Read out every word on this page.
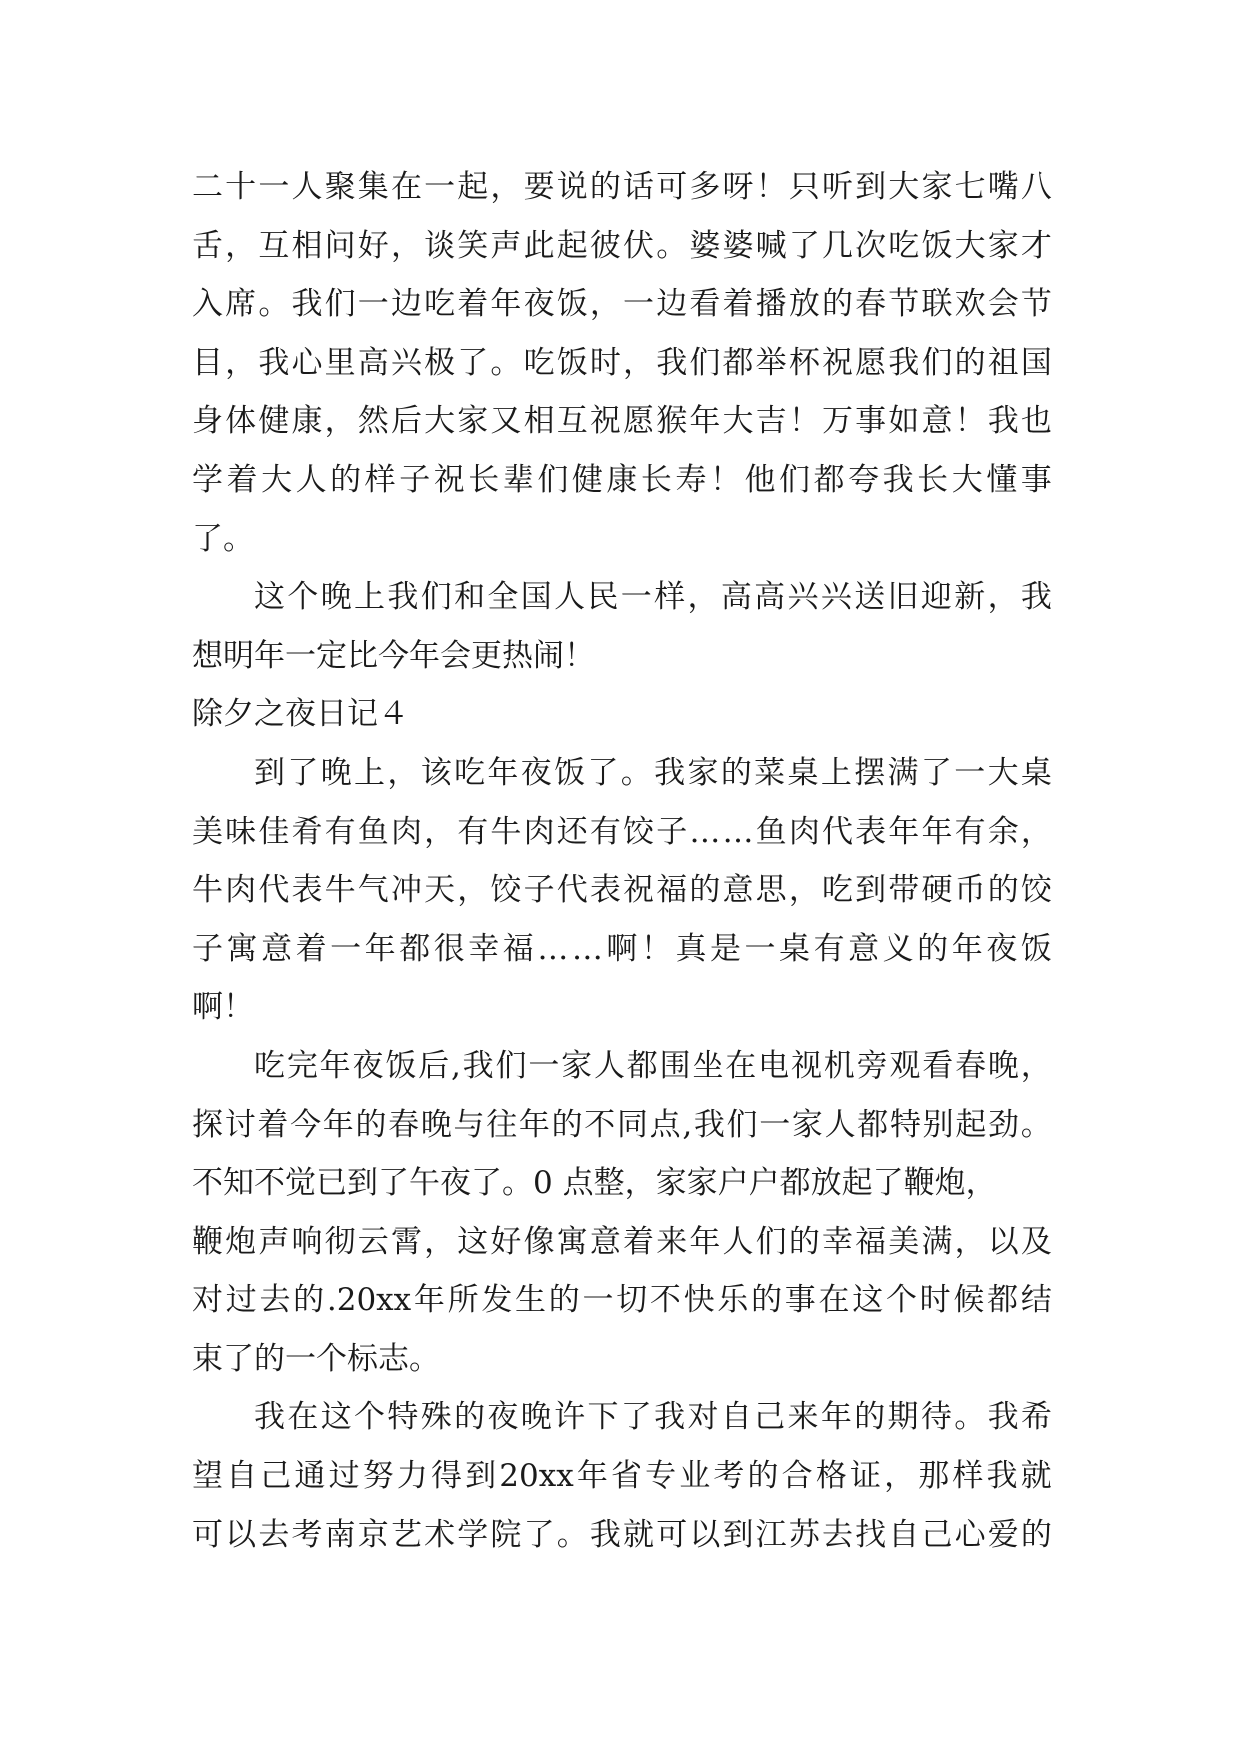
二 十 一 人 聚 集 在 一 起 ， 要 说 的 话 可 多 呀 ！ 只 听 到 大 家 七 嘴 八
舌 ， 互 相 问 好 ， 谈 笑 声 此 起 彼 伏 。 婆 婆 喊 了 几 次 吃 饭 大 家 才
入 席 。 我 们 一 边 吃 着 年 夜 饭 ， 一 边 看 着 播 放 的 春 节 联 欢 会 节
目 ， 我 心 里 高 兴 极 了 。 吃 饭 时 ， 我 们 都 举 杯 祝 愿 我 们 的 祖 国
身 体 健 康 ， 然 后 大 家 又 相 互 祝 愿 猴 年 大 吉 ！ 万 事 如 意 ！ 我 也
学 着 大 人 的 样 子 祝 长 辈 们 健 康 长 寿 ！ 他 们 都 夸 我 长 大 懂 事
了。
这 个 晚 上 我 们 和 全 国 人 民 一 样 ， 高 高 兴 兴 送 旧 迎 新 ， 我
想明年一定比今年会更热闹！
除夕之夜日记４
到 了 晚 上 ， 该 吃 年 夜 饭 了 。 我 家 的 菜 桌 上 摆 满 了 一 大 桌
美 味 佳 肴 有 鱼 肉 ， 有 牛 肉 还 有 饺 子 … … 鱼 肉 代 表 年 年 有 余 ，
牛 肉 代 表 牛 气 冲 天 ， 饺 子 代 表 祝 福 的 意 思 ， 吃 到 带 硬 币 的 饺
子 寓 意 着 一 年 都 很 幸 福 … … 啊 ！ 真 是 一 桌 有 意 义 的 年 夜 饭
啊！
吃 完 年 夜 饭 后 , 我 们 一 家 人 都 围 坐 在 电 视 机 旁 观 看 春 晚 ，
探 讨 着 今 年 的 春 晚 与 往 年 的 不 同 点 , 我 们 一 家 人 都 特 别 起 劲 。
不知不觉已到了午夜了。0 点整，家家户户都放起了鞭炮，
鞭 炮 声 响 彻 云 霄 ， 这 好 像 寓 意 着 来 年 人 们 的 幸 福 美 满 ， 以 及
对 过 去 的 .20xx 年 所 发 生 的 一 切 不 快 乐 的 事 在 这 个 时 候 都 结
束了的一个标志。
我 在 这 个 特 殊 的 夜 晚 许 下 了 我 对 自 己 来 年 的 期 待 。 我 希
望 自 己 通 过 努 力 得 到 20xx 年 省 专 业 考 的 合 格 证 ， 那 样 我 就
可 以 去 考 南 京 艺 术 学 院 了 。 我 就 可 以 到 江 苏 去 找 自 己 心 爱 的
